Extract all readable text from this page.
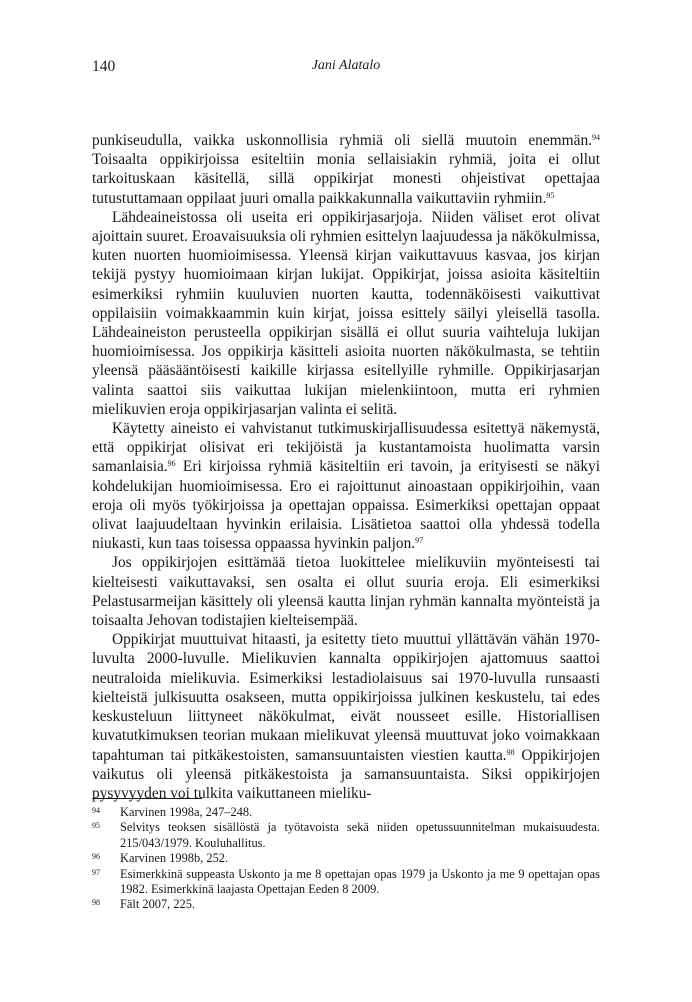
140	Jani Alatalo

punkiseudulla, vaikka uskonnollisia ryhmiä oli siellä muutoin enemmän.$^{94}$ Toisaalta oppikirjoissa esiteltiin monia sellaisiakin ryhmiä, joita ei ollut tarkoituskaan käsitellä, sillä oppikirjat monesti ohjeistivat opettajaa tutustuttamaan oppilaat juuri omalla paikkakunnalla vaikuttaviin ryhmiin.$^{95}$

Lähdeaineistossa oli useita eri oppikirjasarjoja. Niiden väliset erot olivat ajoittain suuret. Eroavaisuuksia oli ryhmien esittelyn laajuudessa ja näkökulmissa, kuten nuorten huomioimisessa. Yleensä kirjan vaikuttavuus kasvaa, jos kirjan tekijä pystyy huomioimaan kirjan lukijat. Oppikirjat, joissa asioita käsiteltiin esimerkiksi ryhmiin kuuluvien nuorten kautta, todennäköisesti vaikuttivat oppilaisiin voimakkaammin kuin kirjat, joissa esittely säilyi yleisellä tasolla. Lähdeaineiston perusteella oppikirjan sisällä ei ollut suuria vaihteluja lukijan huomioimisessa. Jos oppikirja käsitteli asioita nuorten näkökulmasta, se tehtiin yleensä pääsääntöisesti kaikille kirjassa esitellyille ryhmille. Oppikirjasarjan valinta saattoi siis vaikuttaa lukijan mielenkiintoon, mutta eri ryhmien mielikuvien eroja oppikirjasarjan valinta ei selitä.

Käytetty aineisto ei vahvistanut tutkimuskirjallisuudessa esitettyä näkemystä, että oppikirjat olisivat eri tekijöistä ja kustantamoista huolimatta varsin samanlaisia.$^{96}$ Eri kirjoissa ryhmiä käsiteltiin eri tavoin, ja erityisesti se näkyi kohdelukijan huomioimisessa. Ero ei rajoittunut ainoastaan oppikirjoihin, vaan eroja oli myös työkirjoissa ja opettajan oppaissa. Esimerkiksi opettajan oppaat olivat laajuudeltaan hyvinkin erilaisia. Lisätietoa saattoi olla yhdessä todella niukasti, kun taas toisessa oppaassa hyvinkin paljon.$^{97}$

Jos oppikirjojen esittämää tietoa luokittelee mielikuviin myönteisesti tai kielteisesti vaikuttavaksi, sen osalta ei ollut suuria eroja. Eli esimerkiksi Pelastusarmeijan käsittely oli yleensä kautta linjan ryhmän kannalta myönteistä ja toisaalta Jehovan todistajien kielteisempää.

Oppikirjat muuttuivat hitaasti, ja esitetty tieto muuttui yllättävän vähän 1970-luvulta 2000-luvulle. Mielikuvien kannalta oppikirjojen ajattomuus saattoi neutraloida mielikuvia. Esimerkiksi lestadiolaisuus sai 1970-luvulla runsaasti kielteistä julkisuutta osakseen, mutta oppikirjoissa julkinen keskustelu, tai edes keskusteluun liittyneet näkökulmat, eivät nousseet esille. Historiallisen kuvatutkimuksen teorian mukaan mielikuvat yleensä muuttuvat joko voimakkaan tapahtuman tai pitkäkestoisten, samansuuntaisten viestien kautta.$^{98}$ Oppikirjojen vaikutus oli yleensä pitkäkestoista ja samansuuntaista. Siksi oppikirjojen pysyvyyden voi tulkita vaikuttaneen mieliku-

94 Karvinen 1998a, 247–248.
95 Selvitys teoksen sisällöstä ja työtavoista sekä niiden opetussuunnitelman mukaisuudesta. 215/043/1979. Kouluhallitus.
96 Karvinen 1998b, 252.
97 Esimerkkinä suppeasta Uskonto ja me 8 opettajan opas 1979 ja Uskonto ja me 9 opettajan opas 1982. Esimerkkinä laajasta Opettajan Eeden 8 2009.
98 Fält 2007, 225.
